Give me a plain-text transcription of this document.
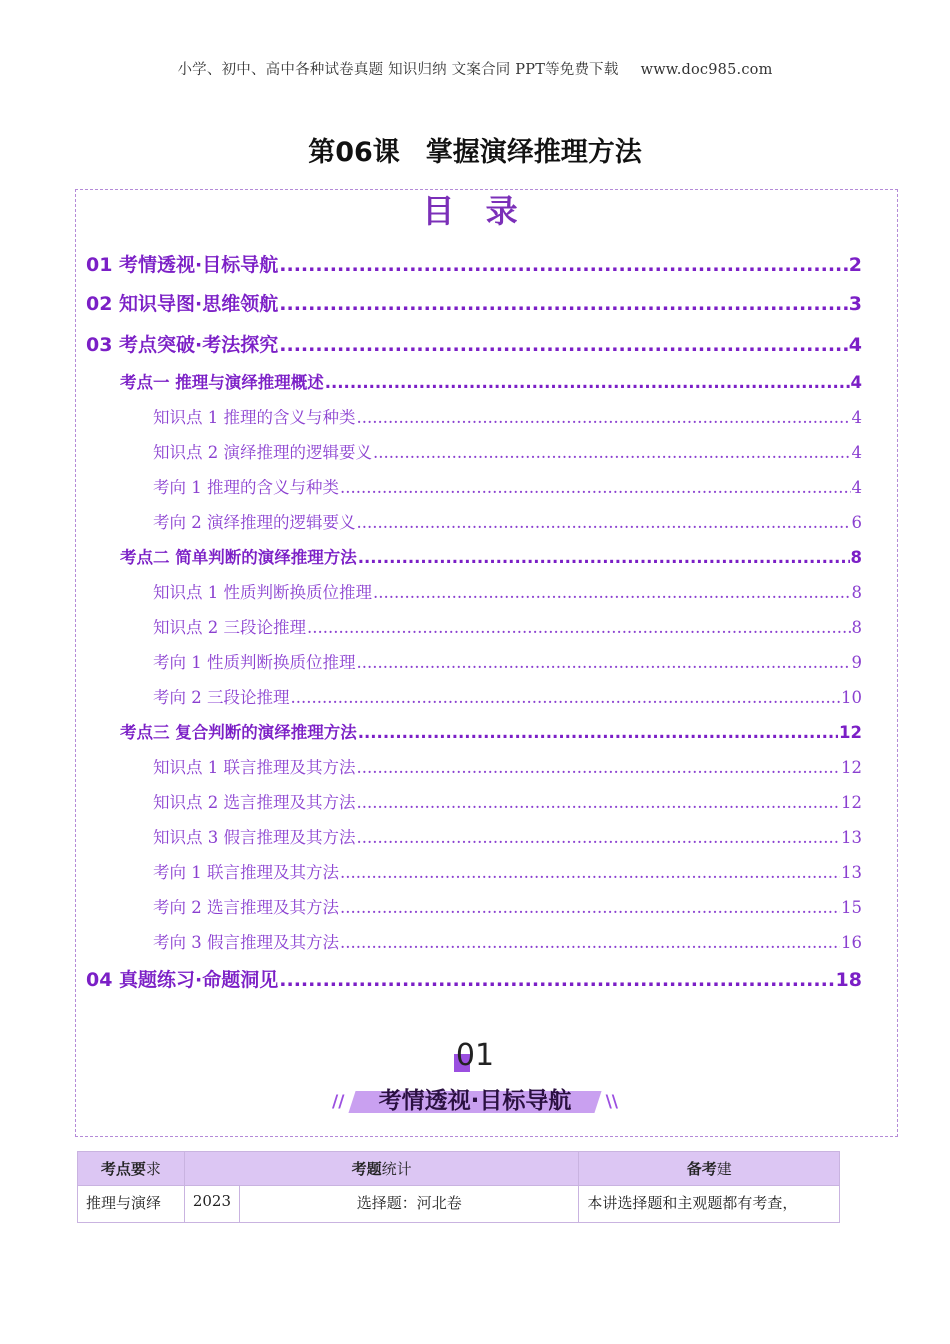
小学、初中、高中各种试卷真题 知识归纳 文案合同 PPT等免费下载 www.doc985.com
第06课 掌握演绎推理方法
目 录
01 考情透视·目标导航 .....	2
02 知识导图·思维领航 .....	3
03 考点突破·考法探究 .....	4
考点一 推理与演绎推理概述 .....	4
知识点 1 推理的含义与种类 .....	4
知识点 2 演绎推理的逻辑要义 .....	4
考向 1 推理的含义与种类 .....	4
考向 2 演绎推理的逻辑要义 .....	6
考点二 简单判断的演绎推理方法 .....	8
知识点 1 性质判断换质位推理 .....	8
知识点 2 三段论推理 .....	8
考向 1 性质判断换质位推理 .....	9
考向 2 三段论推理 .....	10
考点三 复合判断的演绎推理方法 .....	12
知识点 1 联言推理及其方法 .....	12
知识点 2 选言推理及其方法 .....	12
知识点 3 假言推理及其方法 .....	13
考向 1 联言推理及其方法 .....	13
考向 2 选言推理及其方法 .....	15
考向 3 假言推理及其方法 .....	16
04 真题练习·命题洞见 .....	18
01
//	考情透视·目标导航	\\
考点要求	考题统计		备考建
推理与演绎	2023	选择题：河北卷	本讲选择题和主观题都有考查，
